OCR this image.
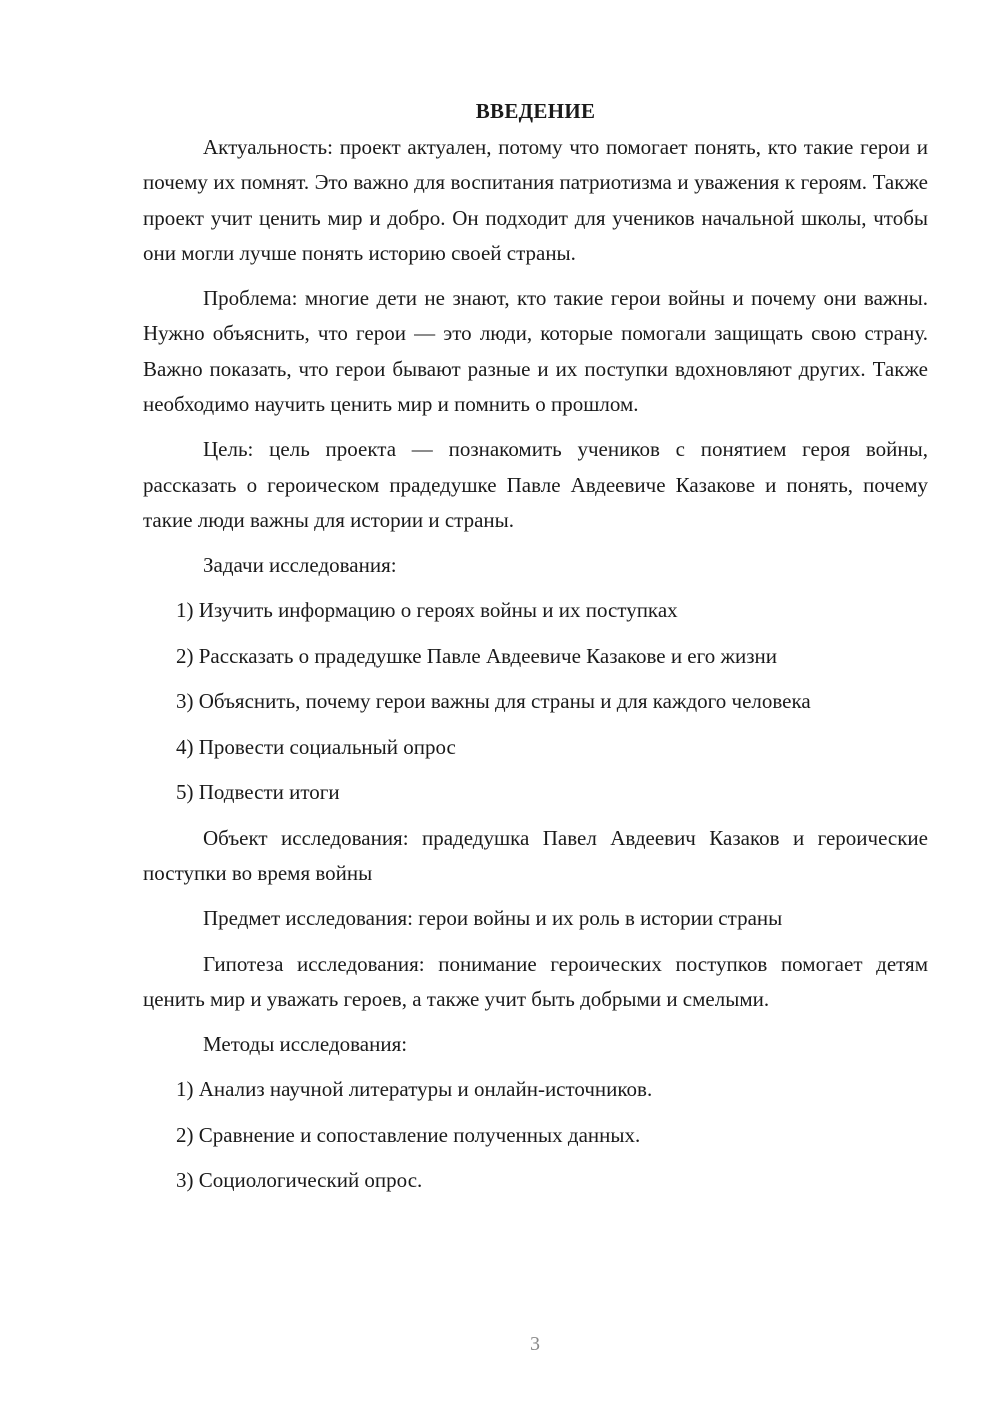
ВВЕДЕНИЕ

Актуальность: проект актуален, потому что помогает понять, кто такие герои и почему их помнят. Это важно для воспитания патриотизма и уважения к героям. Также проект учит ценить мир и добро. Он подходит для учеников начальной школы, чтобы они могли лучше понять историю своей страны.

Проблема: многие дети не знают, кто такие герои войны и почему они важны. Нужно объяснить, что герои — это люди, которые помогали защищать свою страну. Важно показать, что герои бывают разные и их поступки вдохновляют других. Также необходимо научить ценить мир и помнить о прошлом.

Цель: цель проекта — познакомить учеников с понятием героя войны, рассказать о героическом прадедушке Павле Авдеевиче Казакове и понять, почему такие люди важны для истории и страны.

Задачи исследования:
1) Изучить информацию о героях войны и их поступках
2) Рассказать о прадедушке Павле Авдеевиче Казакове и его жизни
3) Объяснить, почему герои важны для страны и для каждого человека
4) Провести социальный опрос
5) Подвести итоги

Объект исследования: прадедушка Павел Авдеевич Казаков и героические поступки во время войны

Предмет исследования: герои войны и их роль в истории страны

Гипотеза исследования: понимание героических поступков помогает детям ценить мир и уважать героев, а также учит быть добрыми и смелыми.

Методы исследования:
1) Анализ научной литературы и онлайн-источников.
2) Сравнение и сопоставление полученных данных.
3) Социологический опрос.
3
